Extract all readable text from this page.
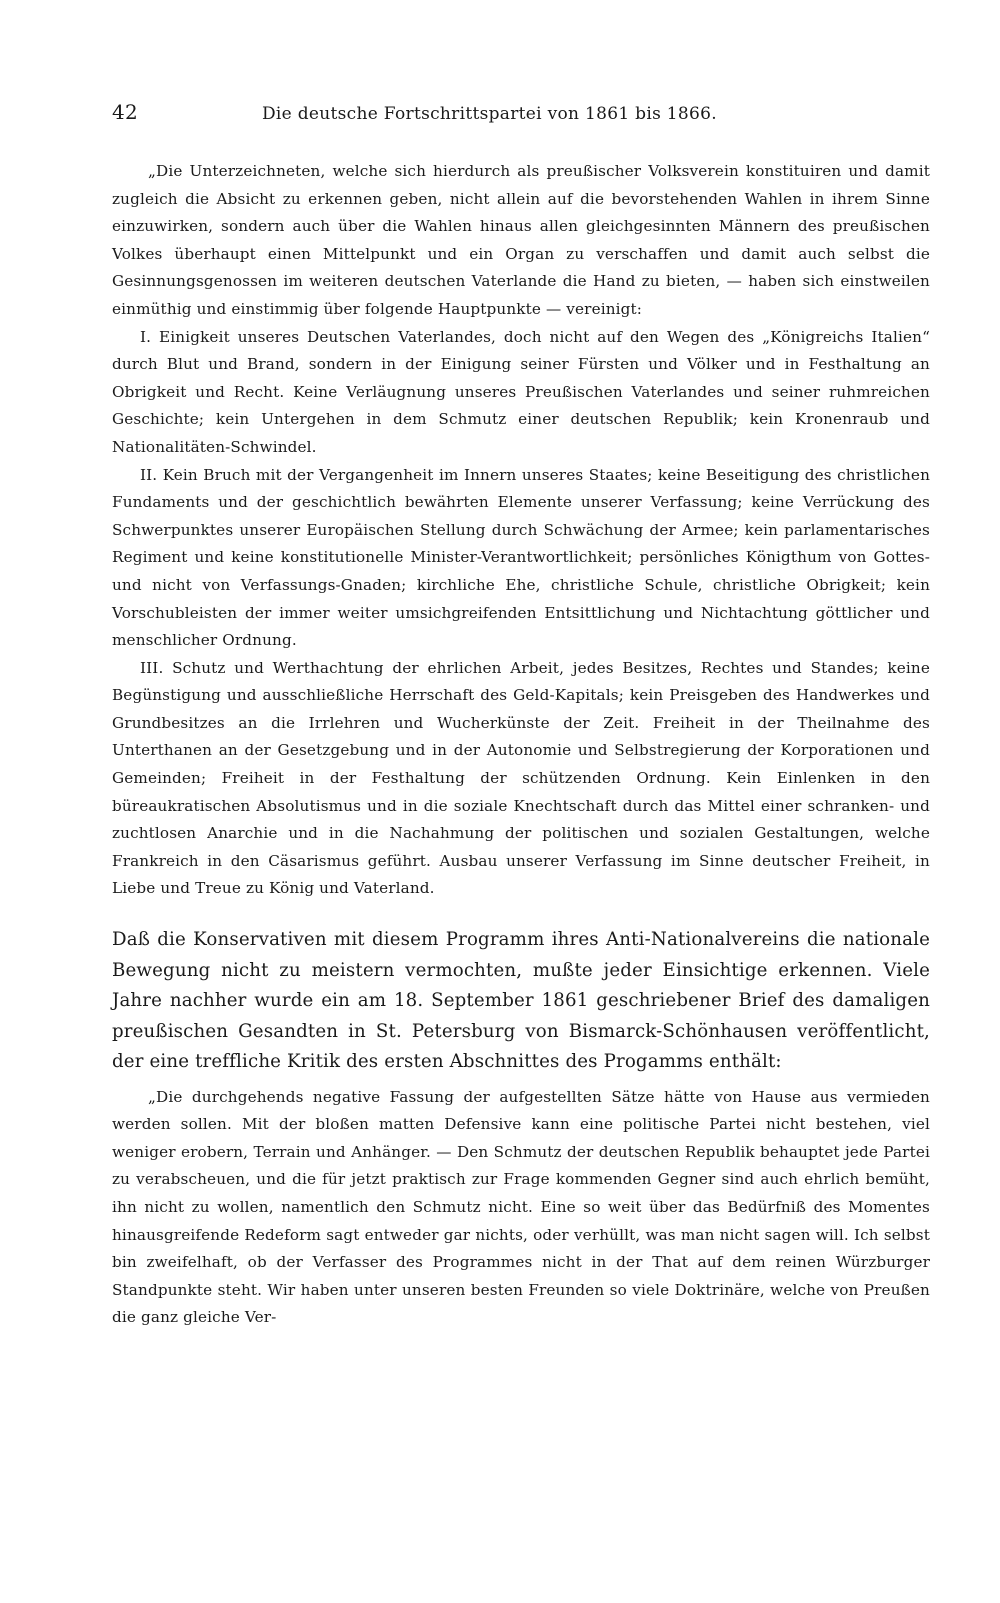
42	Die deutsche Fortschrittspartei von 1861 bis 1866.

„Die Unterzeichneten, welche sich hierdurch als preußischer Volksverein konstituiren und damit zugleich die Absicht zu erkennen geben, nicht allein auf die bevorstehenden Wahlen in ihrem Sinne einzuwirken, sondern auch über die Wahlen hinaus allen gleichgesinnten Männern des preußischen Volkes überhaupt einen Mittelpunkt und ein Organ zu verschaffen und damit auch selbst die Gesinnungsgenossen im weiteren deutschen Vaterlande die Hand zu bieten, — haben sich einstweilen einmüthig und einstimmig über folgende Hauptpunkte — vereinigt:

I. Einigkeit unseres Deutschen Vaterlandes, doch nicht auf den Wegen des „Königreichs Italien“ durch Blut und Brand, sondern in der Einigung seiner Fürsten und Völker und in Festhaltung an Obrigkeit und Recht. Keine Verläugnung unseres Preußischen Vaterlandes und seiner ruhmreichen Geschichte; kein Untergehen in dem Schmutz einer deutschen Republik; kein Kronenraub und Nationalitäten-Schwindel.

II. Kein Bruch mit der Vergangenheit im Innern unseres Staates; keine Beseitigung des christlichen Fundaments und der geschichtlich bewährten Elemente unserer Verfassung; keine Verrückung des Schwerpunktes unserer Europäischen Stellung durch Schwächung der Armee; kein parlamentarisches Regiment und keine konstitutionelle Minister-Verantwortlichkeit; persönliches Königthum von Gottes- und nicht von Verfassungs-Gnaden; kirchliche Ehe, christliche Schule, christliche Obrigkeit; kein Vorschubleisten der immer weiter umsichgreifenden Entsittlichung und Nichtachtung göttlicher und menschlicher Ordnung.

III. Schutz und Werthachtung der ehrlichen Arbeit, jedes Besitzes, Rechtes und Standes; keine Begünstigung und ausschließliche Herrschaft des Geld-Kapitals; kein Preisgeben des Handwerkes und Grundbesitzes an die Irrlehren und Wucherkünste der Zeit. Freiheit in der Theilnahme des Unterthanen an der Gesetzgebung und in der Autonomie und Selbstregierung der Korporationen und Gemeinden; Freiheit in der Festhaltung der schützenden Ordnung. Kein Einlenken in den büreaukratischen Absolutismus und in die soziale Knechtschaft durch das Mittel einer schranken- und zuchtlosen Anarchie und in die Nachahmung der politischen und sozialen Gestaltungen, welche Frankreich in den Cäsarismus geführt. Ausbau unserer Verfassung im Sinne deutscher Freiheit, in Liebe und Treue zu König und Vaterland.

Daß die Konservativen mit diesem Programm ihres Anti-Nationalvereins die nationale Bewegung nicht zu meistern vermochten, mußte jeder Einsichtige erkennen. Viele Jahre nachher wurde ein am 18. September 1861 geschriebener Brief des damaligen preußischen Gesandten in St. Petersburg von Bismarck-Schönhausen veröffentlicht, der eine treffliche Kritik des ersten Abschnittes des Progamms enthält:

„Die durchgehends negative Fassung der aufgestellten Sätze hätte von Hause aus vermieden werden sollen. Mit der bloßen matten Defensive kann eine politische Partei nicht bestehen, viel weniger erobern, Terrain und Anhänger. — Den Schmutz der deutschen Republik behauptet jede Partei zu verabscheuen, und die für jetzt praktisch zur Frage kommenden Gegner sind auch ehrlich bemüht, ihn nicht zu wollen, namentlich den Schmutz nicht. Eine so weit über das Bedürfniß des Momentes hinausgreifende Redeform sagt entweder gar nichts, oder verhüllt, was man nicht sagen will. Ich selbst bin zweifelhaft, ob der Verfasser des Programmes nicht in der That auf dem reinen Würzburger Standpunkte steht. Wir haben unter unseren besten Freunden so viele Doktrinäre, welche von Preußen die ganz gleiche Ver-
